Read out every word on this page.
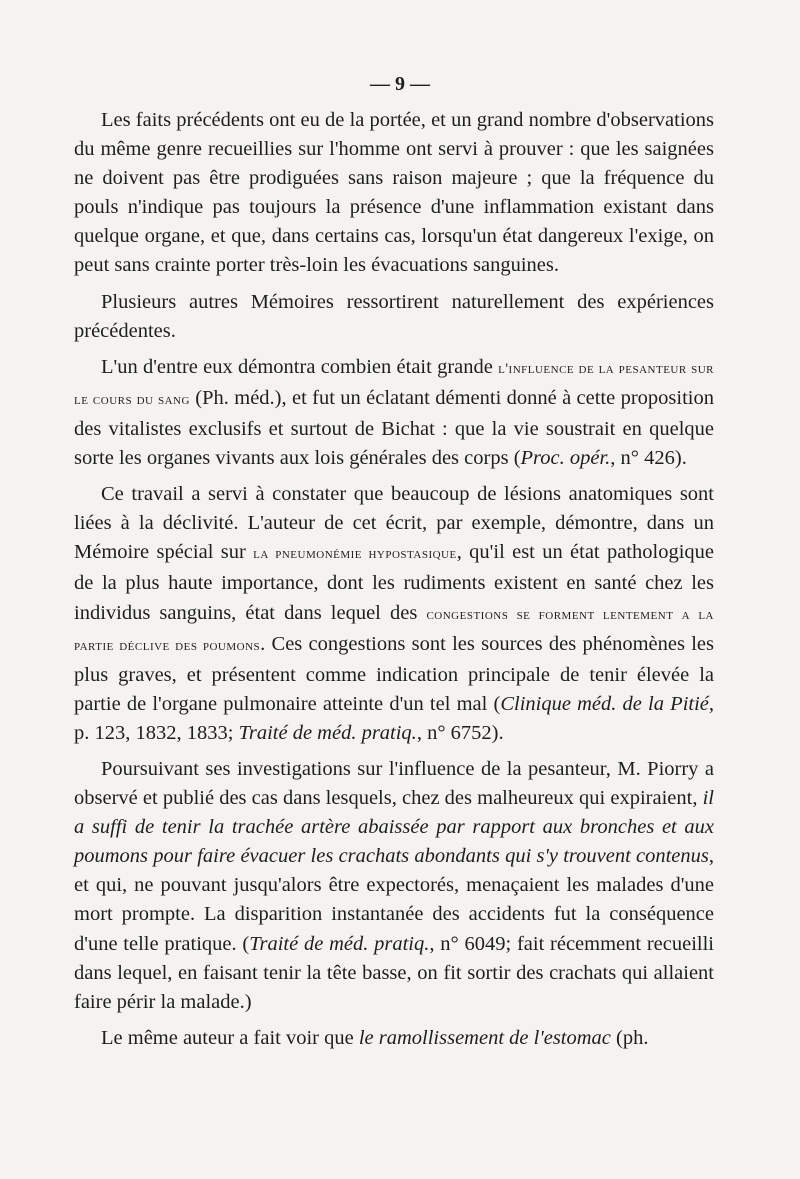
— 9 —

Les faits précédents ont eu de la portée, et un grand nombre d'observations du même genre recueillies sur l'homme ont servi à prouver : que les saignées ne doivent pas être prodiguées sans raison majeure ; que la fréquence du pouls n'indique pas toujours la présence d'une inflammation existant dans quelque organe, et que, dans certains cas, lorsqu'un état dangereux l'exige, on peut sans crainte porter très-loin les évacuations sanguines.

Plusieurs autres Mémoires ressortirent naturellement des expériences précédentes.

L'un d'entre eux démontra combien était grande l'influence de la pesanteur sur le cours du sang (Ph. méd.), et fut un éclatant démenti donné à cette proposition des vitalistes exclusifs et surtout de Bichat : que la vie soustrait en quelque sorte les organes vivants aux lois générales des corps (Proc. opér., n° 426).

Ce travail a servi à constater que beaucoup de lésions anatomiques sont liées à la déclivité. L'auteur de cet écrit, par exemple, démontre, dans un Mémoire spécial sur la pneumonémie hypostasique, qu'il est un état pathologique de la plus haute importance, dont les rudiments existent en santé chez les individus sanguins, état dans lequel des congestions se forment lentement a la partie déclive des poumons. Ces congestions sont les sources des phénomènes les plus graves, et présentent comme indication principale de tenir élevée la partie de l'organe pulmonaire atteinte d'un tel mal (Clinique méd. de la Pitié, p. 123, 1832, 1833; Traité de méd. pratiq., n° 6752).

Poursuivant ses investigations sur l'influence de la pesanteur, M. Piorry a observé et publié des cas dans lesquels, chez des malheureux qui expiraient, il a suffi de tenir la trachée artère abaissée par rapport aux bronches et aux poumons pour faire évacuer les crachats abondants qui s'y trouvent contenus, et qui, ne pouvant jusqu'alors être expectorés, menaçaient les malades d'une mort prompte. La disparition instantanée des accidents fut la conséquence d'une telle pratique. (Traité de méd. pratiq., n° 6049; fait récemment recueilli dans lequel, en faisant tenir la tête basse, on fit sortir des crachats qui allaient faire périr la malade.)

Le même auteur a fait voir que le ramollissement de l'estomac (ph.
